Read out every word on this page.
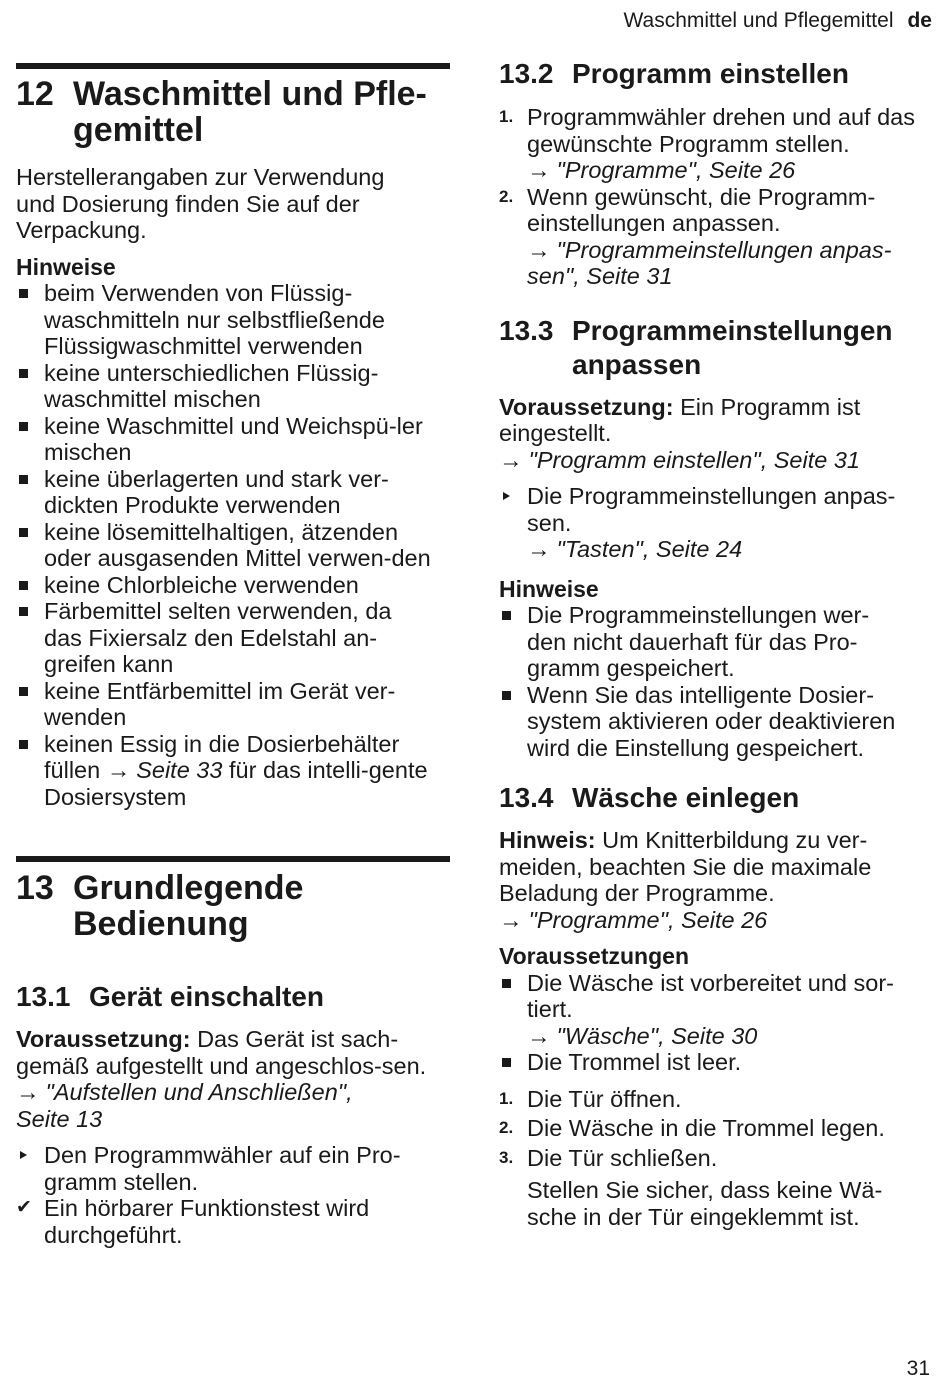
Waschmittel und Pflegemittel de
12 Waschmittel und Pfle-
gemittel

Herstellerangaben zur Verwendung und Dosierung finden Sie auf der Verpackung.

Hinweise

beim Verwenden von Flüssig-waschmitteln nur selbstfließende Flüssigwaschmittel verwenden
keine unterschiedlichen Flüssig-waschmittel mischen
keine Waschmittel und Weichspü-ler mischen
keine überlagerten und stark ver-dickten Produkte verwenden
keine lösemittelhaltigen, ätzenden oder ausgasenden Mittel verwen-den
keine Chlorbleiche verwenden
Färbemittel selten verwenden, da das Fixiersalz den Edelstahl an-greifen kann
keine Entfärbemittel im Gerät ver-wenden
keinen Essig in die Dosierbehälter füllen → Seite 33 für das intelli-gente Dosiersystem
13 Grundlegende
Bedienung
13.1 Gerät einschalten

Voraussetzung: Das Gerät ist sach-gemäß aufgestellt und angeschlos-sen.

→ "Aufstellen und Anschließen", Seite 13

Den Programmwähler auf ein Pro-gramm stellen.
✔ Ein hörbarer Funktionstest wird durchgeführt.
13.2 Programm einstellen
1. Programmwähler drehen und auf das gewünschte Programm stellen.
→ "Programme", Seite 26
2. Wenn gewünscht, die Programm-einstellungen anpassen.
→ "Programmeinstellungen anpas-sen", Seite 31
13.3 Programmeinstellungen
anpassen

Voraussetzung: Ein Programm ist eingestellt.

→ "Programm einstellen", Seite 31

Die Programmeinstellungen anpas-sen.
→ "Tasten", Seite 24

Hinweise

Die Programmeinstellungen wer-den nicht dauerhaft für das Pro-gramm gespeichert.
Wenn Sie das intelligente Dosier-system aktivieren oder deaktivieren wird die Einstellung gespeichert.
13.4 Wäsche einlegen

Hinweis: Um Knitterbildung zu ver-meiden, beachten Sie die maximale Beladung der Programme.

→ "Programme", Seite 26

Voraussetzungen

Die Wäsche ist vorbereitet und sor-tiert.
→ "Wäsche", Seite 30
Die Trommel ist leer.
1. Die Tür öffnen.
2. Die Wäsche in die Trommel legen.
3. Die Tür schließen.

Stellen Sie sicher, dass keine Wä-sche in der Tür eingeklemmt ist.

31
